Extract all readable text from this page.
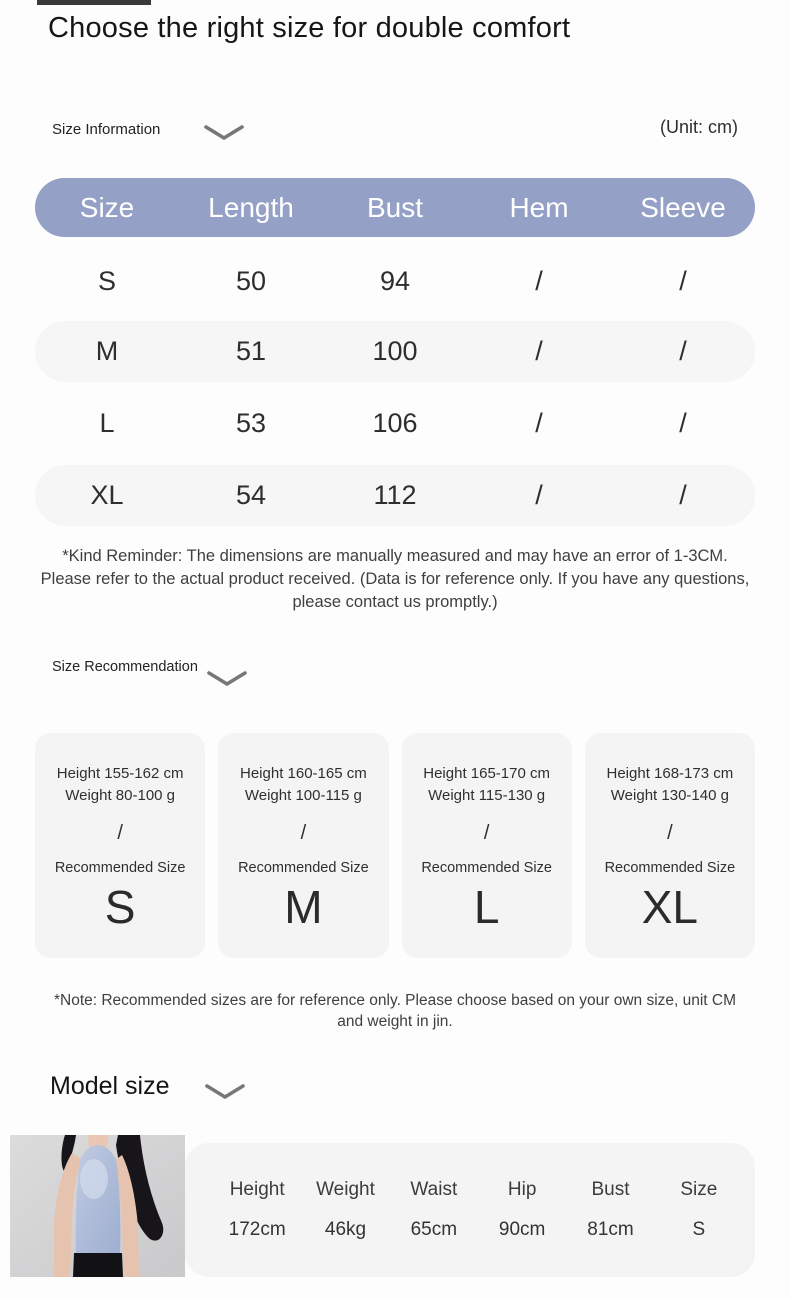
Choose the right size for double comfort
Size Information	(Unit: cm)
Size	Length	Bust	Hem	Sleeve
S	50	94	/	/
M	51	100	/	/
L	53	106	/	/
XL	54	112	/	/

*Kind Reminder: The dimensions are manually measured and may have an error of 1-3CM. Please refer to the actual product received. (Data is for reference only. If you have any questions, please contact us promptly.)

Size Recommendation
Height 155-162 cm
Weight 80-100 g
/
Recommended Size
S
Height 160-165 cm
Weight 100-115 g
/
Recommended Size
M
Height 165-170 cm
Weight 115-130 g
/
Recommended Size
L
Height 168-173 cm
Weight 130-140 g
/
Recommended Size
XL

*Note: Recommended sizes are for reference only. Please choose based on your own size, unit CM and weight in jin.

Model size
Height	Weight	Waist	Hip	Bust	Size
172cm	46kg	65cm	90cm	81cm	S
